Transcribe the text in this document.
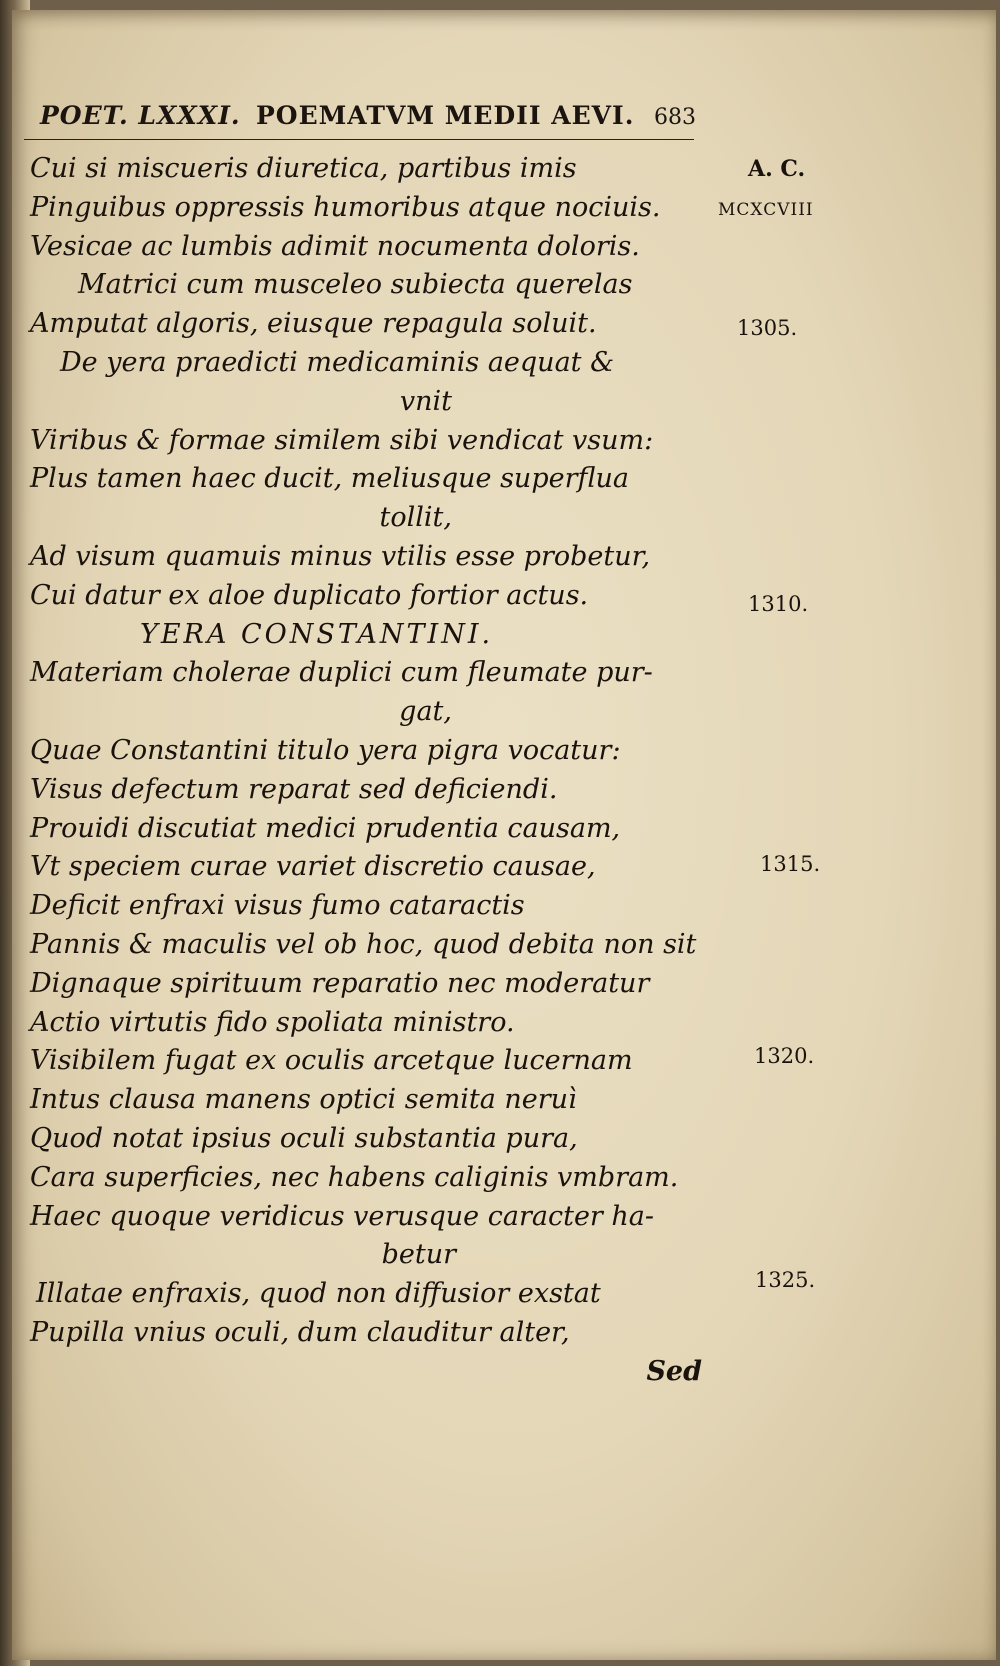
POET. LXXXI. POEMATVM MEDII AEVI. 683
Cui si miscueris diuretica, partibus imis
Pinguibus oppressis humoribus atque nociuis.
Vesicae ac lumbis adimit nocumenta doloris.
Matrici cum musceleo subiecta querelas
Amputat algoris, eiusque repagula soluit.
De yera praedicti medicaminis aequat &
vnit
Viribus & formae similem sibi vendicat vsum:
Plus tamen haec ducit, meliusque superflua
tollit,
Ad visum quamuis minus vtilis esse probetur,
Cui datur ex aloe duplicato fortior actus.
YERA CONSTANTINI.
Materiam cholerae duplici cum fleumate pur-
gat,
Quae Constantini titulo yera pigra vocatur:
Visus defectum reparat sed deficiendi.
Prouidi discutiat medici prudentia causam,
Vt speciem curae variet discretio causae,
Deficit enfraxi visus fumo cataractis
Pannis & maculis vel ob hoc, quod debita non sit
Dignaque spirituum reparatio nec moderatur
Actio virtutis fido spoliata ministro.
Visibilem fugat ex oculis arcetque lucernam
Intus clausa manens optici semita neruì
Quod notat ipsius oculi substantia pura,
Cara superficies, nec habens caliginis vmbram.
Haec quoque veridicus verusque caracter ha-
betur
Illatae enfraxis, quod non diffusior exstat
Pupilla vnius oculi, dum clauditur alter,
Sed
A. C.
MCXCVIII
1305.
1310.
1315.
1320.
1325.
